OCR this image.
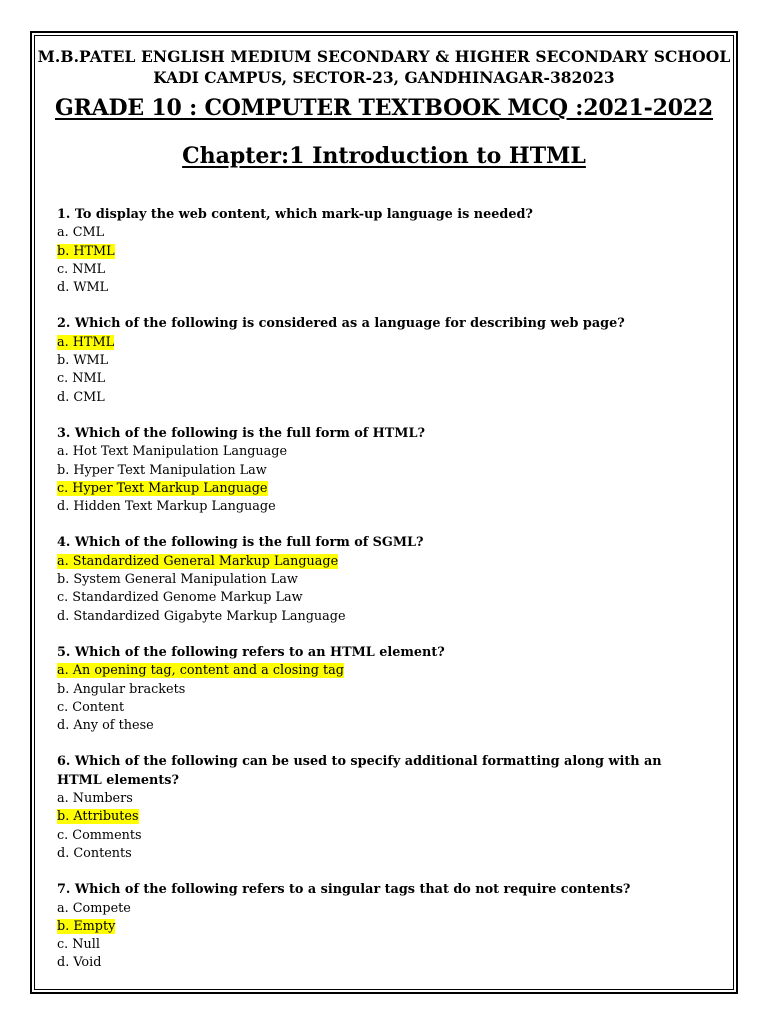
M.B.PATEL ENGLISH MEDIUM SECONDARY & HIGHER SECONDARY SCHOOL
KADI CAMPUS, SECTOR-23, GANDHINAGAR-382023
GRADE 10 : COMPUTER TEXTBOOK MCQ :2021-2022
Chapter:1 Introduction to HTML
1. To display the web content, which mark-up language is needed?
a. CML
b. HTML
c. NML
d. WML
2. Which of the following is considered as a language for describing web page?
a. HTML
b. WML
c. NML
d. CML
3. Which of the following is the full form of HTML?
a. Hot Text Manipulation Language
b. Hyper Text Manipulation Law
c. Hyper Text Markup Language
d. Hidden Text Markup Language
4. Which of the following is the full form of SGML?
a. Standardized General Markup Language
b. System General Manipulation Law
c. Standardized Genome Markup Law
d. Standardized Gigabyte Markup Language
5. Which of the following refers to an HTML element?
a. An opening tag, content and a closing tag
b. Angular brackets
c. Content
d. Any of these
6. Which of the following can be used to specify additional formatting along with an HTML elements?
a. Numbers
b. Attributes
c. Comments
d. Contents
7. Which of the following refers to a singular tags that do not require contents?
a. Compete
b. Empty
c. Null
d. Void
